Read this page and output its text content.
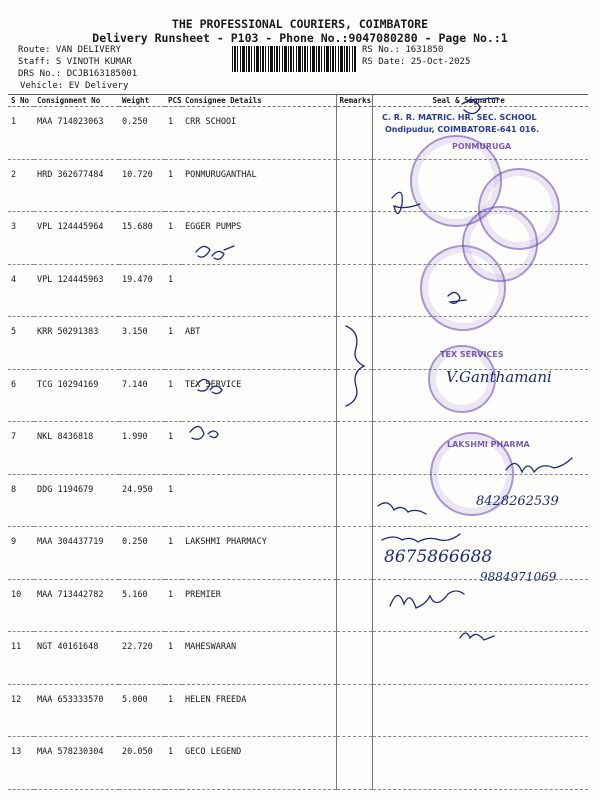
THE PROFESSIONAL COURIERS, COIMBATORE
Delivery Runsheet - P103 - Phone No.:9047080280 - Page No.:1
Route: VAN DELIVERY
Staff: S VINOTH KUMAR
DRS No.: DCJB163185001
Vehicle: EV Delivery
RS No.: 1631850
RS Date: 25-Oct-2025
S No	Consignment No	Weight	PCS	Consignee Details	Remarks	Seal & Signature
1	MAA 714023063	0.250	1	CRR SCHOOI		
2	HRD 362677484	10.720	1	PONMURUGANTHAL		
3	VPL 124445964	15.680	1	EGGER PUMPS		
4	VPL 124445963	19.470	1			
5	KRR 50291383	3.150	1	ABT		
6	TCG 10294169	7.140	1	TEX SERVICE		
7	NKL 8436818	1.990	1			
8	DDG 1194679	24.950	1			
9	MAA 304437719	0.250	1	LAKSHMI PHARMACY		
10	MAA 713442782	5.160	1	PREMIER		
11	NGT 40161648	22.720	1	MAHESWARAN		
12	MAA 653333570	5.000	1	HELEN FREEDA		
13	MAA 578230304	20.050	1	GECO LEGEND		
C. R. R. MATRIC. HR. SEC. SCHOOL
Ondipudur, COIMBATORE-641 016.
PONMURUGA
TEX SERVICES
LAKSHMI PHARMA
V.Ganthamani
8428262539
8675866688
9884971069
